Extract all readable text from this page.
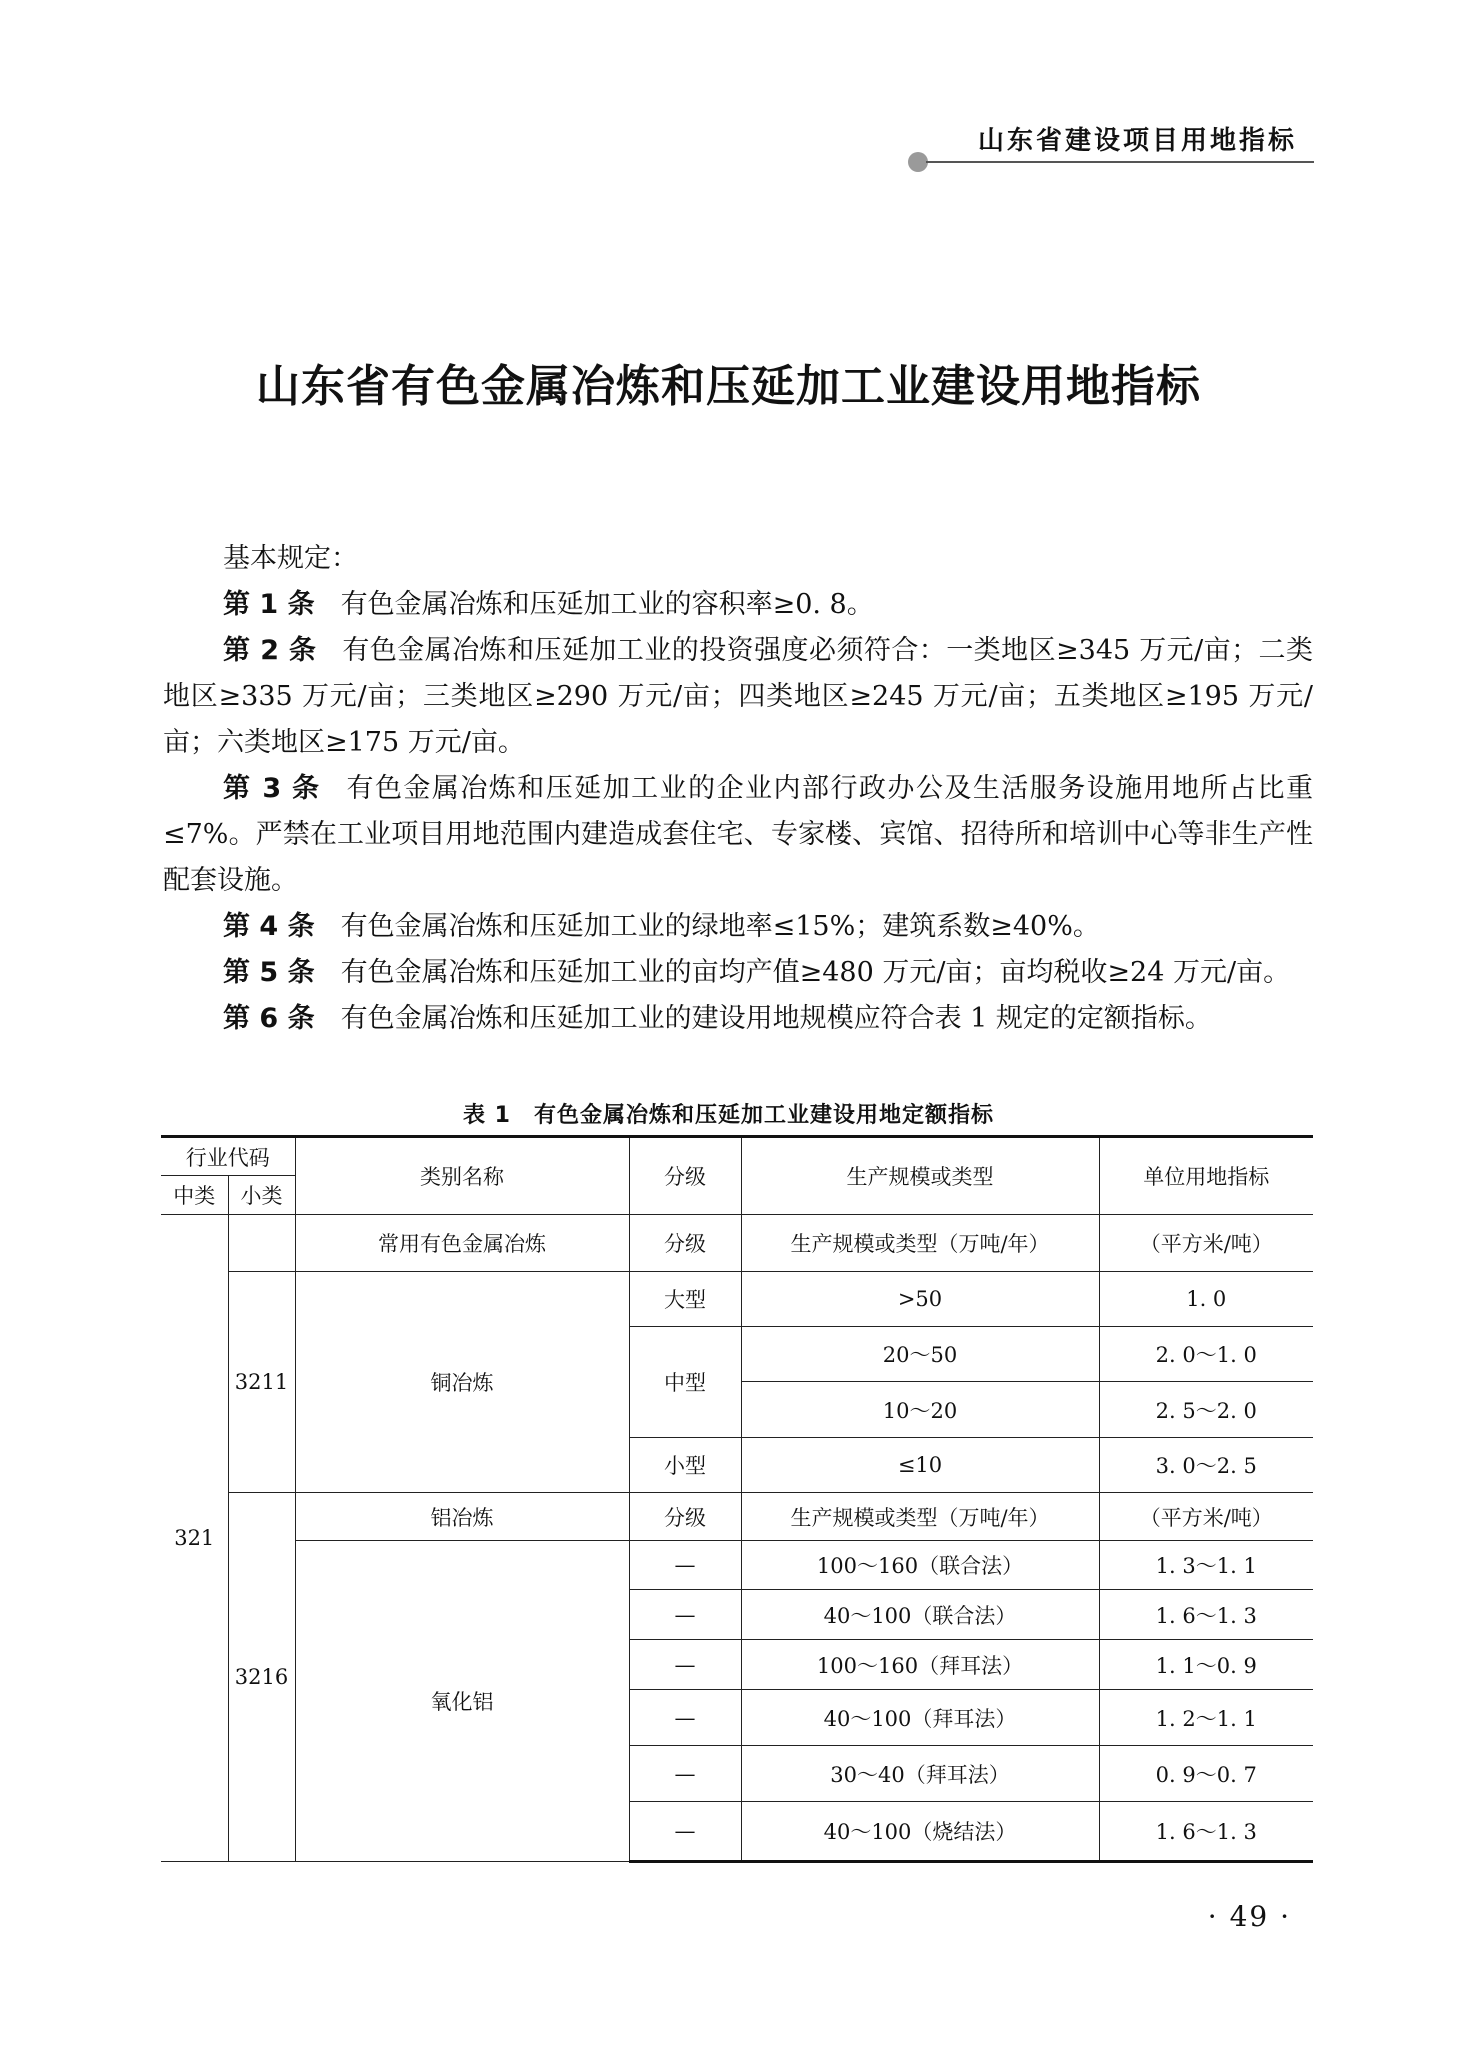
山东省建设项目用地指标
山东省有色金属冶炼和压延加工业建设用地指标

基本规定：

第 1 条 有色金属冶炼和压延加工业的容积率≥0. 8。

第 2 条 有色金属冶炼和压延加工业的投资强度必须符合：一类地区≥345 万元/亩；二类地区≥335 万元/亩；三类地区≥290 万元/亩；四类地区≥245 万元/亩；五类地区≥195 万元/亩；六类地区≥175 万元/亩。

第 3 条 有色金属冶炼和压延加工业的企业内部行政办公及生活服务设施用地所占比重≤7%。严禁在工业项目用地范围内建造成套住宅、专家楼、宾馆、招待所和培训中心等非生产性配套设施。

第 4 条 有色金属冶炼和压延加工业的绿地率≤15%；建筑系数≥40%。

第 5 条 有色金属冶炼和压延加工业的亩均产值≥480 万元/亩；亩均税收≥24 万元/亩。

第 6 条 有色金属冶炼和压延加工业的建设用地规模应符合表 1 规定的定额指标。

表 1　有色金属冶炼和压延加工业建设用地定额指标
行业代码		类别名称	分级	生产规模或类型	单位用地指标
中类	小类				
321		常用有色金属冶炼	分级	生产规模或类型（万吨/年）	（平方米/吨）
	3211	铜冶炼	大型	>50	1. 0
			中型	20～50	2. 0～1. 0
				10～20	2. 5～2. 0
			小型	≤10	3. 0～2. 5
	3216	铝冶炼	分级	生产规模或类型（万吨/年）	（平方米/吨）
		氧化铝	—	100～160（联合法）	1. 3～1. 1
			—	40～100（联合法）	1. 6～1. 3
			—	100～160（拜耳法）	1. 1～0. 9
			—	40～100（拜耳法）	1. 2～1. 1
			—	30～40（拜耳法）	0. 9～0. 7
			—	40～100（烧结法）	1. 6～1. 3
· 49 ·
